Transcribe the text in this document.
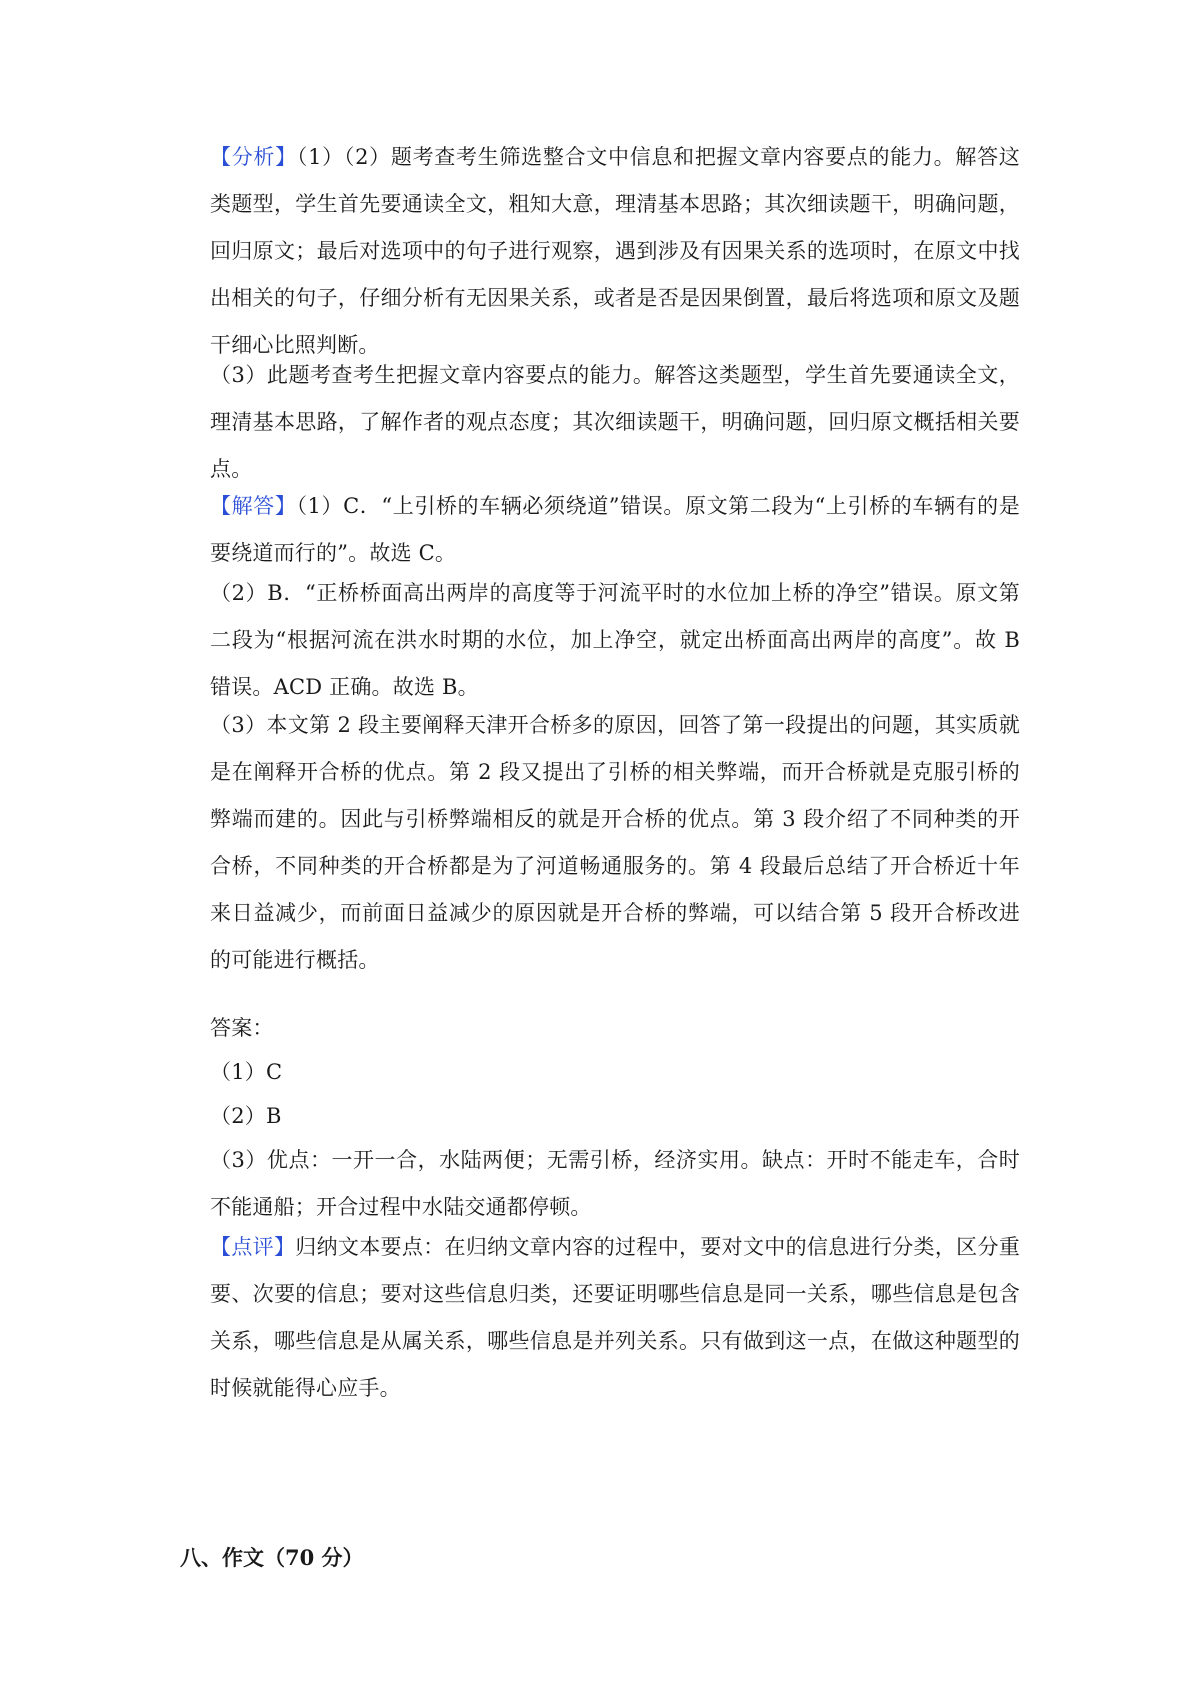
【分析】（1）（2）题考查考生筛选整合文中信息和把握文章内容要点的能力。解答这类题型，学生首先要通读全文，粗知大意，理清基本思路；其次细读题干，明确问题，回归原文；最后对选项中的句子进行观察，遇到涉及有因果关系的选项时，在原文中找出相关的句子，仔细分析有无因果关系，或者是否是因果倒置，最后将选项和原文及题干细心比照判断。
（3）此题考查考生把握文章内容要点的能力。解答这类题型，学生首先要通读全文，理清基本思路，了解作者的观点态度；其次细读题干，明确问题，回归原文概括相关要点。
【解答】（1）C．“上引桥的车辆必须绕道”错误。原文第二段为“上引桥的车辆有的是要绕道而行的”。故选 C。
（2）B．“正桥桥面高出两岸的高度等于河流平时的水位加上桥的净空”错误。原文第二段为“根据河流在洪水时期的水位，加上净空，就定出桥面高出两岸的高度”。故 B 错误。ACD 正确。故选 B。
（3）本文第 2 段主要阐释天津开合桥多的原因，回答了第一段提出的问题，其实质就是在阐释开合桥的优点。第 2 段又提出了引桥的相关弊端，而开合桥就是克服引桥的弊端而建的。因此与引桥弊端相反的就是开合桥的优点。第 3 段介绍了不同种类的开合桥，不同种类的开合桥都是为了河道畅通服务的。第 4 段最后总结了开合桥近十年来日益减少，而前面日益减少的原因就是开合桥的弊端，可以结合第 5 段开合桥改进的可能进行概括。
答案：
（1）C
（2）B
（3）优点：一开一合，水陆两便；无需引桥，经济实用。缺点：开时不能走车，合时不能通船；开合过程中水陆交通都停顿。
【点评】归纳文本要点：在归纳文章内容的过程中，要对文中的信息进行分类，区分重要、次要的信息；要对这些信息归类，还要证明哪些信息是同一关系，哪些信息是包含关系，哪些信息是从属关系，哪些信息是并列关系。只有做到这一点，在做这种题型的时候就能得心应手。
八、作文（70 分）
